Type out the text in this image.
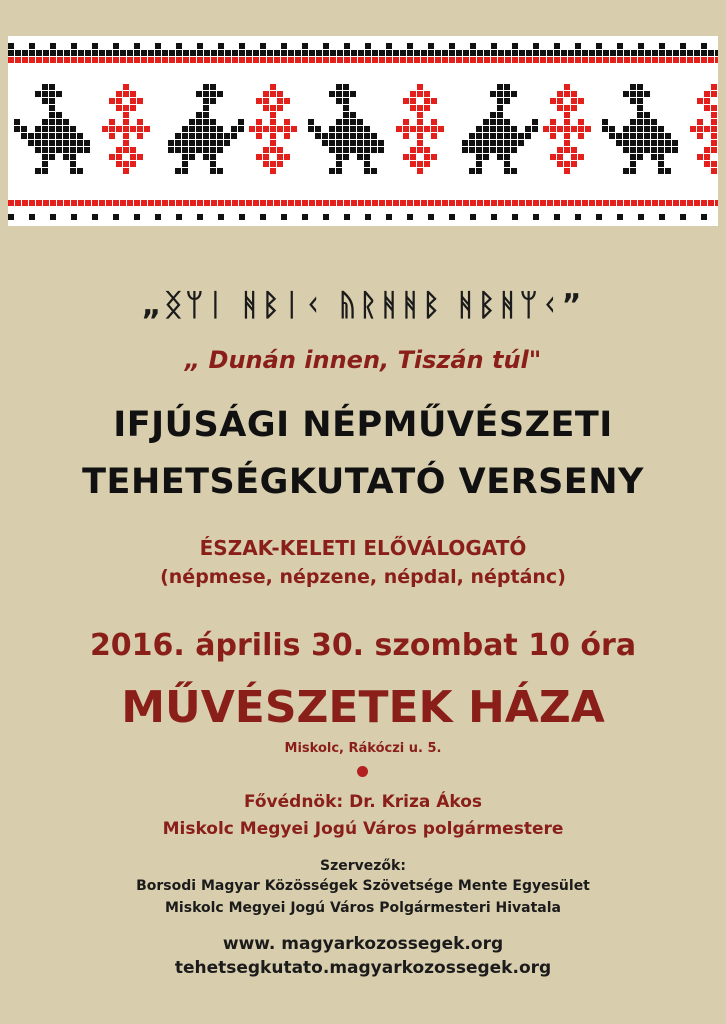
„ᛝᛘᛁ ᚻᛒᛁᚲ ᚥᚱᚻᚻᛒ ᚻᛒᚻᛘᚲ”
„ Dunán innen, Tiszán túl"
IFJÚSÁGI NÉPMŰVÉSZETI
TEHETSÉGKUTATÓ VERSENY
ÉSZAK-KELETI ELŐVÁLOGATÓ
(népmese, népzene, népdal, néptánc)
2016. április 30. szombat 10 óra
MŰVÉSZETEK HÁZA
Miskolc, Rákóczi u. 5.
Fővédnök: Dr. Kriza Ákos
Miskolc Megyei Jogú Város polgármestere
Szervezők:
Borsodi Magyar Közösségek Szövetsége Mente Egyesület
Miskolc Megyei Jogú Város Polgármesteri Hivatala
www. magyarkozossegek.org
tehetsegkutato.magyarkozossegek.org
